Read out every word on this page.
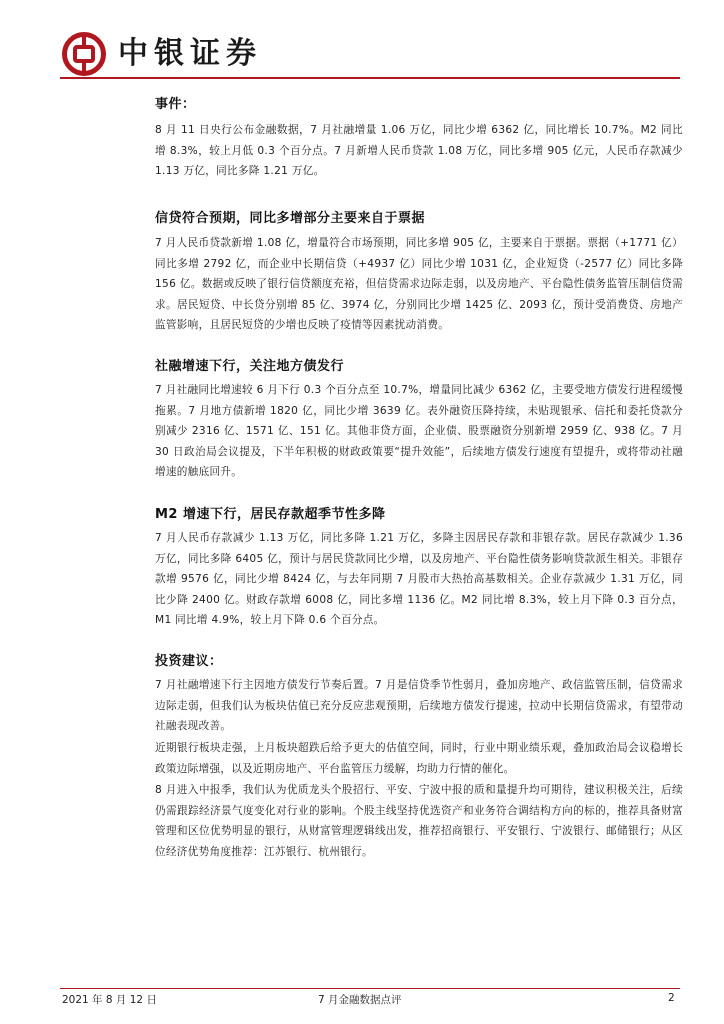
中银证券
事件：
8 月 11 日央行公布金融数据，7 月社融增量 1.06 万亿，同比少增 6362 亿，同比增长 10.7%。M2 同比增 8.3%，较上月低 0.3 个百分点。7 月新增人民币贷款 1.08 万亿，同比多增 905 亿元，人民币存款减少 1.13 万亿，同比多降 1.21 万亿。
信贷符合预期，同比多增部分主要来自于票据
7 月人民币贷款新增 1.08 亿，增量符合市场预期，同比多增 905 亿，主要来自于票据。票据（+1771 亿）同比多增 2792 亿，而企业中长期信贷（+4937 亿）同比少增 1031 亿，企业短贷（-2577 亿）同比多降 156 亿。数据或反映了银行信贷额度充裕，但信贷需求边际走弱，以及房地产、平台隐性债务监管压制信贷需求。居民短贷、中长贷分别增 85 亿、3974 亿，分别同比少增 1425 亿、2093 亿，预计受消费贷、房地产监管影响，且居民短贷的少增也反映了疫情等因素扰动消费。
社融增速下行，关注地方债发行
7 月社融同比增速较 6 月下行 0.3 个百分点至 10.7%，增量同比减少 6362 亿，主要受地方债发行进程缓慢拖累。7 月地方债新增 1820 亿，同比少增 3639 亿。表外融资压降持续，未贴现银承、信托和委托贷款分别减少 2316 亿、1571 亿、151 亿。其他非贷方面，企业债、股票融资分别新增 2959 亿、938 亿。7 月 30 日政治局会议提及，下半年积极的财政政策要“提升效能”，后续地方债发行速度有望提升，或将带动社融增速的触底回升。
M2 增速下行，居民存款超季节性多降
7 月人民币存款减少 1.13 万亿，同比多降 1.21 万亿，多降主因居民存款和非银存款。居民存款减少 1.36 万亿，同比多降 6405 亿，预计与居民贷款同比少增，以及房地产、平台隐性债务影响贷款派生相关。非银存款增 9576 亿，同比少增 8424 亿，与去年同期 7 月股市大热抬高基数相关。企业存款减少 1.31 万亿，同比少降 2400 亿。财政存款增 6008 亿，同比多增 1136 亿。M2 同比增 8.3%，较上月下降 0.3 百分点，M1 同比增 4.9%，较上月下降 0.6 个百分点。
投资建议：
7 月社融增速下行主因地方债发行节奏后置。7 月是信贷季节性弱月，叠加房地产、政信监管压制，信贷需求边际走弱，但我们认为板块估值已充分反应悲观预期，后续地方债发行提速，拉动中长期信贷需求，有望带动社融表现改善。
近期银行板块走强，上月板块超跌后给予更大的估值空间，同时，行业中期业绩乐观，叠加政治局会议稳增长政策边际增强，以及近期房地产、平台监管压力缓解，均助力行情的催化。
8 月进入中报季，我们认为优质龙头个股招行、平安、宁波中报的质和量提升均可期待，建议积极关注，后续仍需跟踪经济景气度变化对行业的影响。个股主线坚持优选资产和业务符合调结构方向的标的，推荐具备财富管理和区位优势明显的银行，从财富管理逻辑线出发，推荐招商银行、平安银行、宁波银行、邮储银行；从区位经济优势角度推荐：江苏银行、杭州银行。
2021 年 8 月 12 日	7 月金融数据点评	2
